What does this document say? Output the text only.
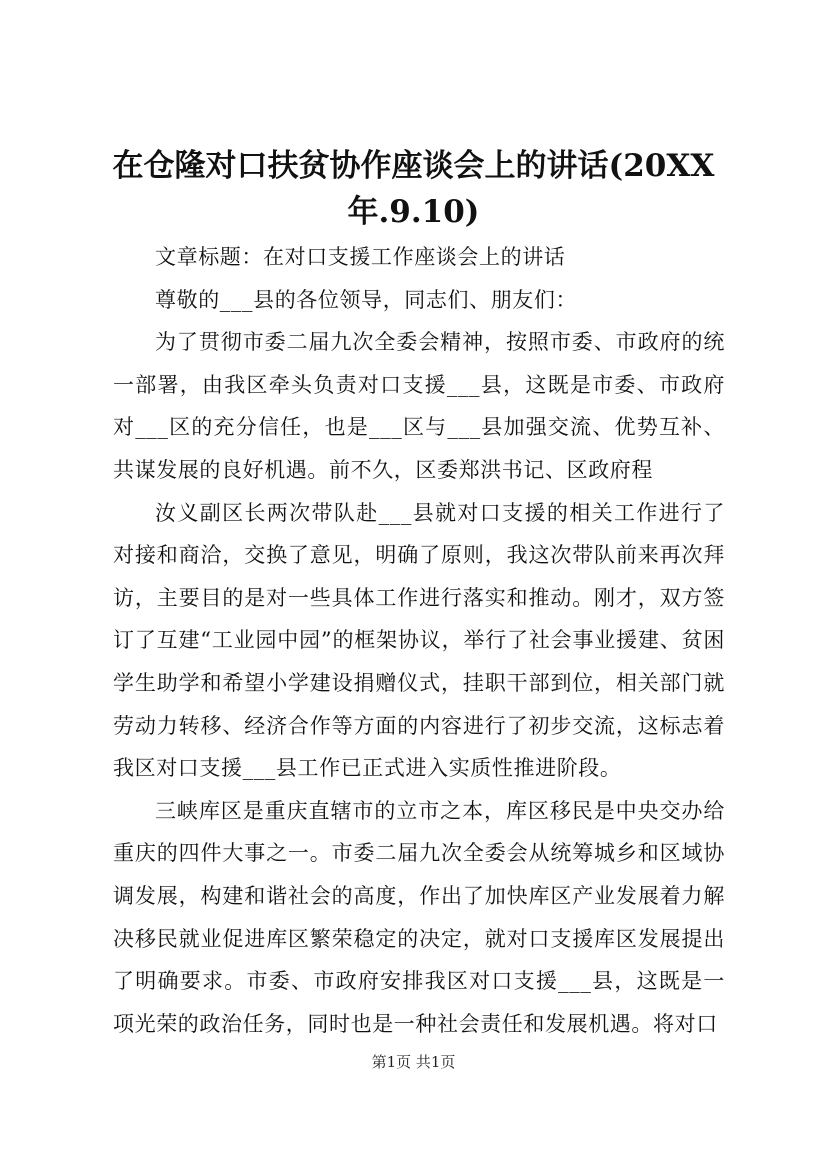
在仓隆对口扶贫协作座谈会上的讲话(20XX年.9.10)

文章标题：在对口支援工作座谈会上的讲话

尊敬的___县的各位领导，同志们、朋友们：

为了贯彻市委二届九次全委会精神，按照市委、市政府的统一部署，由我区牵头负责对口支援___县，这既是市委、市政府对___区的充分信任，也是___区与___县加强交流、优势互补、共谋发展的良好机遇。前不久，区委郑洪书记、区政府程

汝义副区长两次带队赴___县就对口支援的相关工作进行了对接和商洽，交换了意见，明确了原则，我这次带队前来再次拜访，主要目的是对一些具体工作进行落实和推动。刚才，双方签订了互建“工业园中园”的框架协议，举行了社会事业援建、贫困学生助学和希望小学建设捐赠仪式，挂职干部到位，相关部门就劳动力转移、经济合作等方面的内容进行了初步交流，这标志着我区对口支援___县工作已正式进入实质性推进阶段。

三峡库区是重庆直辖市的立市之本，库区移民是中央交办给重庆的四件大事之一。市委二届九次全委会从统筹城乡和区域协调发展，构建和谐社会的高度，作出了加快库区产业发展着力解决移民就业促进库区繁荣稳定的决定，就对口支援库区发展提出了明确要求。市委、市政府安排我区对口支援___县，这既是一项光荣的政治任务，同时也是一种社会责任和发展机遇。将对口

第1页 共1页
